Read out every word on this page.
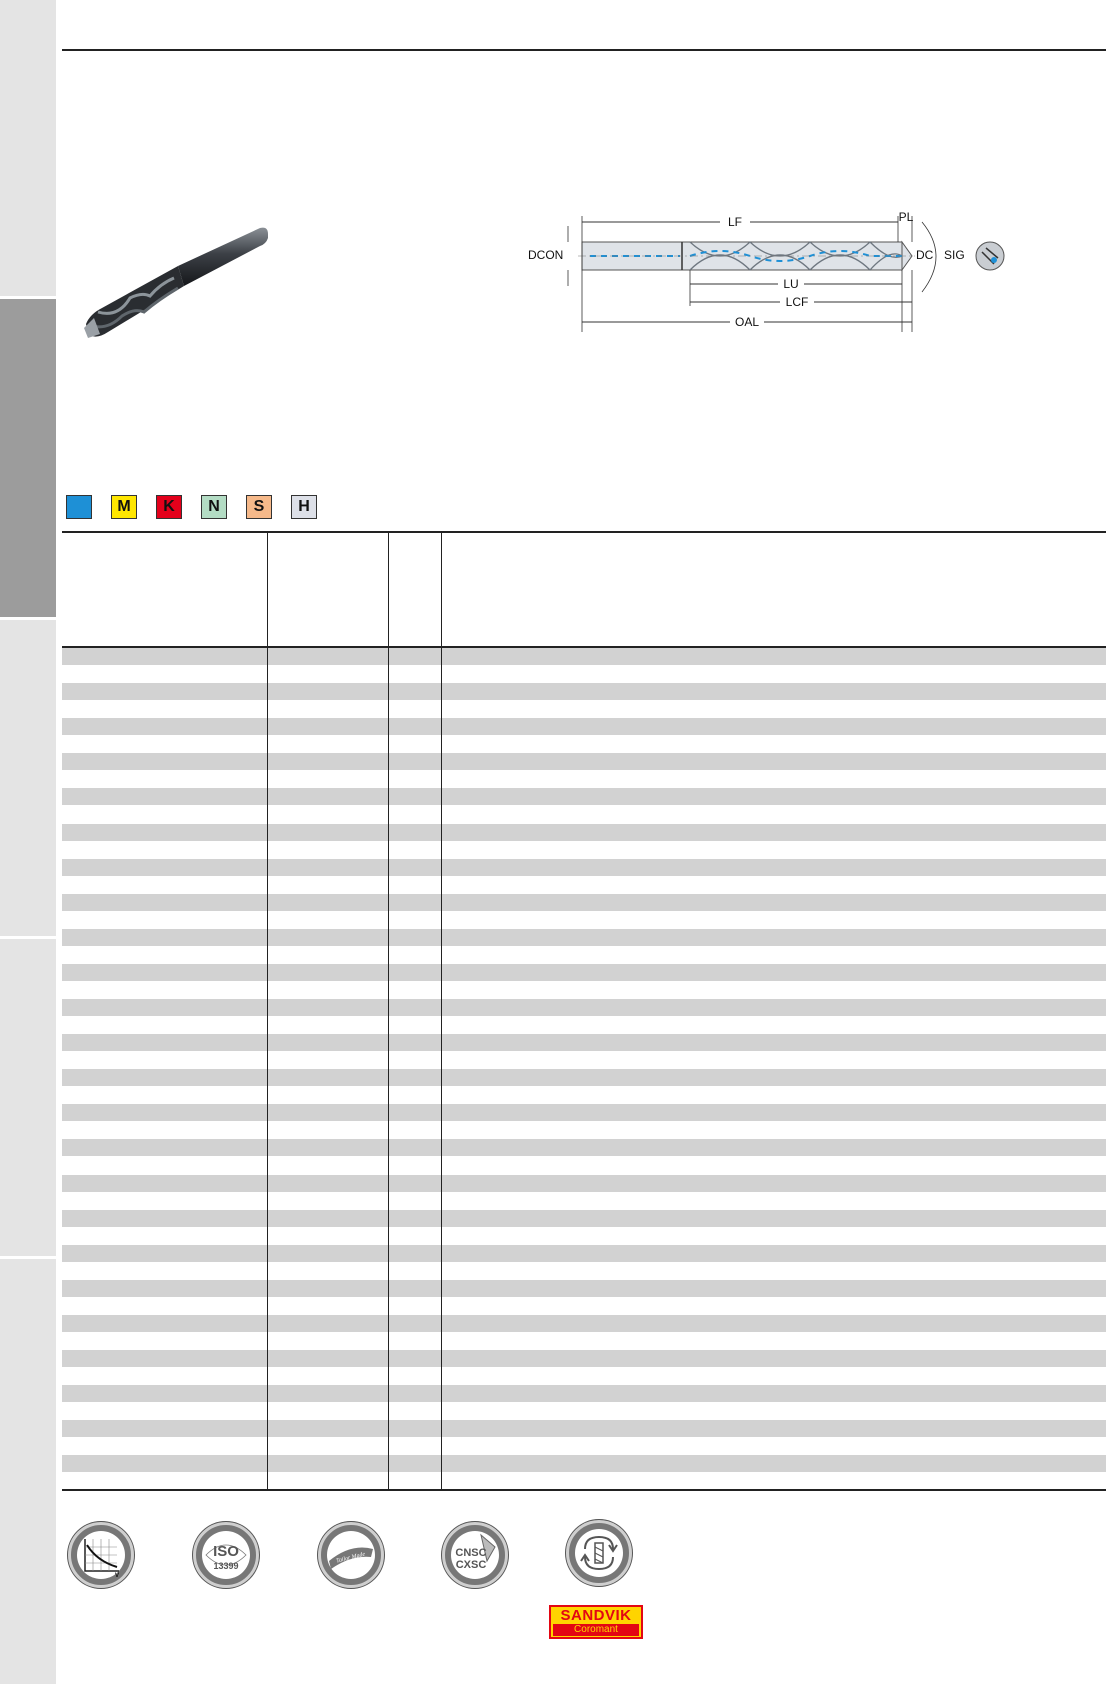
LF	PL
DCON	DC SIG
LU
LCF
OAL
M	K	N	S	H
v
ISO
13399
Tailor Made	CNSC
CXSC
SANDVIK
Coromant
